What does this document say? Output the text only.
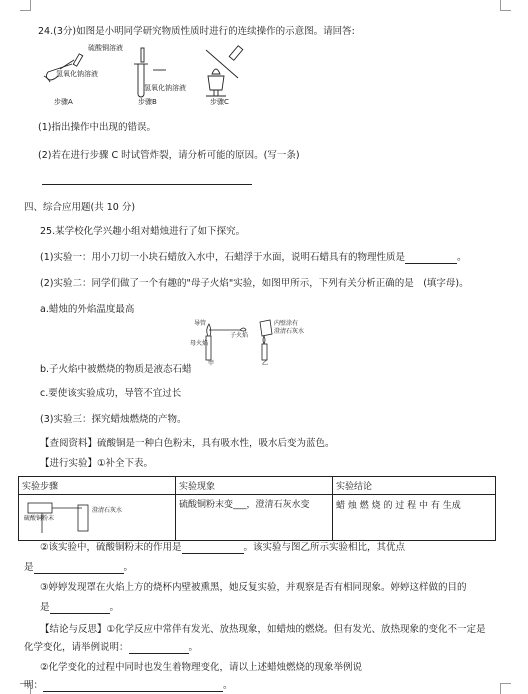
24.(3分)如图是小明同学研究物质性质时进行的连续操作的示意图。请回答:
硫酸铜溶液
氢氧化钠溶液
氢氧化钠溶液
步骤A	步骤B	步骤C
(1)指出操作中出现的错误。
(2)若在进行步骤 C 时试管炸裂，请分析可能的原因。(写一条)
四、综合应用题(共 10 分)
25.某学校化学兴趣小组对蜡烛进行了如下探究。
(1)实验一：用小刀切一小块石蜡放入水中，石蜡浮于水面，说明石蜡具有的物理性质是	。
(2)实验二：同学们做了一个有趣的"母子火焰"实验，如图甲所示，下列有关分析正确的是　(填字母)。
a.蜡烛的外焰温度最高
导管
子火焰
母火焰
内壁涂有
澄清石灰水
甲	乙
b.子火焰中被燃烧的物质是液态石蜡
c.要使该实验成功，导管不宜过长
(3)实验三：探究蜡烛燃烧的产物。
【查阅资料】硫酸铜是一种白色粉末，具有吸水性，吸水后变为蓝色。
【进行实验】①补全下表。
实验步骤	实验现象	实验结论

硫酸铜粉末
澄清石灰水	硫酸铜粉末变___，澄清石灰水变	蜡 烛 燃 烧 的 过 程 中 有 生成
②该实验中，硫酸铜粉末的作用是	。该实验与图乙所示实验相比，其优点
是	。
③婷婷发现罩在火焰上方的烧杯内壁被熏黑，她反复实验，并观察是否有相同现象。婷婷这样做的目的
是	。
【结论与反思】①化学反应中常伴有发光、放热现象，如蜡烛的燃烧。但有发光、放热现象的变化不一定是
化学变化，请举例说明：	。
②化学变化的过程中同时也发生着物理变化，请以上述蜡烛燃烧的现象举例说
明：	。
